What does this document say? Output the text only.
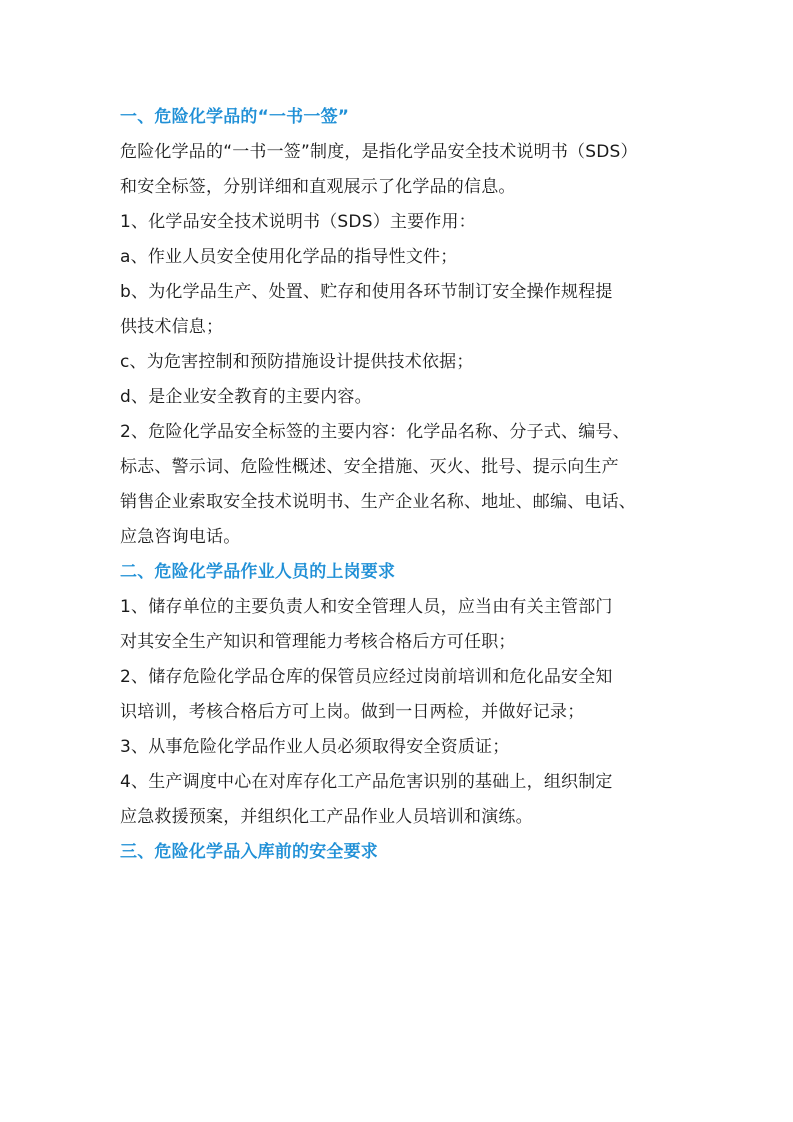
一、危险化学品的“一书一签”
危险化学品的“一书一签”制度，是指化学品安全技术说明书（SDS）
和安全标签，分别详细和直观展示了化学品的信息。
1、化学品安全技术说明书（SDS）主要作用：
a、作业人员安全使用化学品的指导性文件；
b、为化学品生产、处置、贮存和使用各环节制订安全操作规程提
供技术信息；
c、为危害控制和预防措施设计提供技术依据；
d、是企业安全教育的主要内容。
2、危险化学品安全标签的主要内容：化学品名称、分子式、编号、
标志、警示词、危险性概述、安全措施、灭火、批号、提示向生产
销售企业索取安全技术说明书、生产企业名称、地址、邮编、电话、
应急咨询电话。
二、危险化学品作业人员的上岗要求
1、储存单位的主要负责人和安全管理人员，应当由有关主管部门
对其安全生产知识和管理能力考核合格后方可任职；
2、储存危险化学品仓库的保管员应经过岗前培训和危化品安全知
识培训，考核合格后方可上岗。做到一日两检，并做好记录；
3、从事危险化学品作业人员必须取得安全资质证；
4、生产调度中心在对库存化工产品危害识别的基础上，组织制定
应急救援预案，并组织化工产品作业人员培训和演练。
三、危险化学品入库前的安全要求
